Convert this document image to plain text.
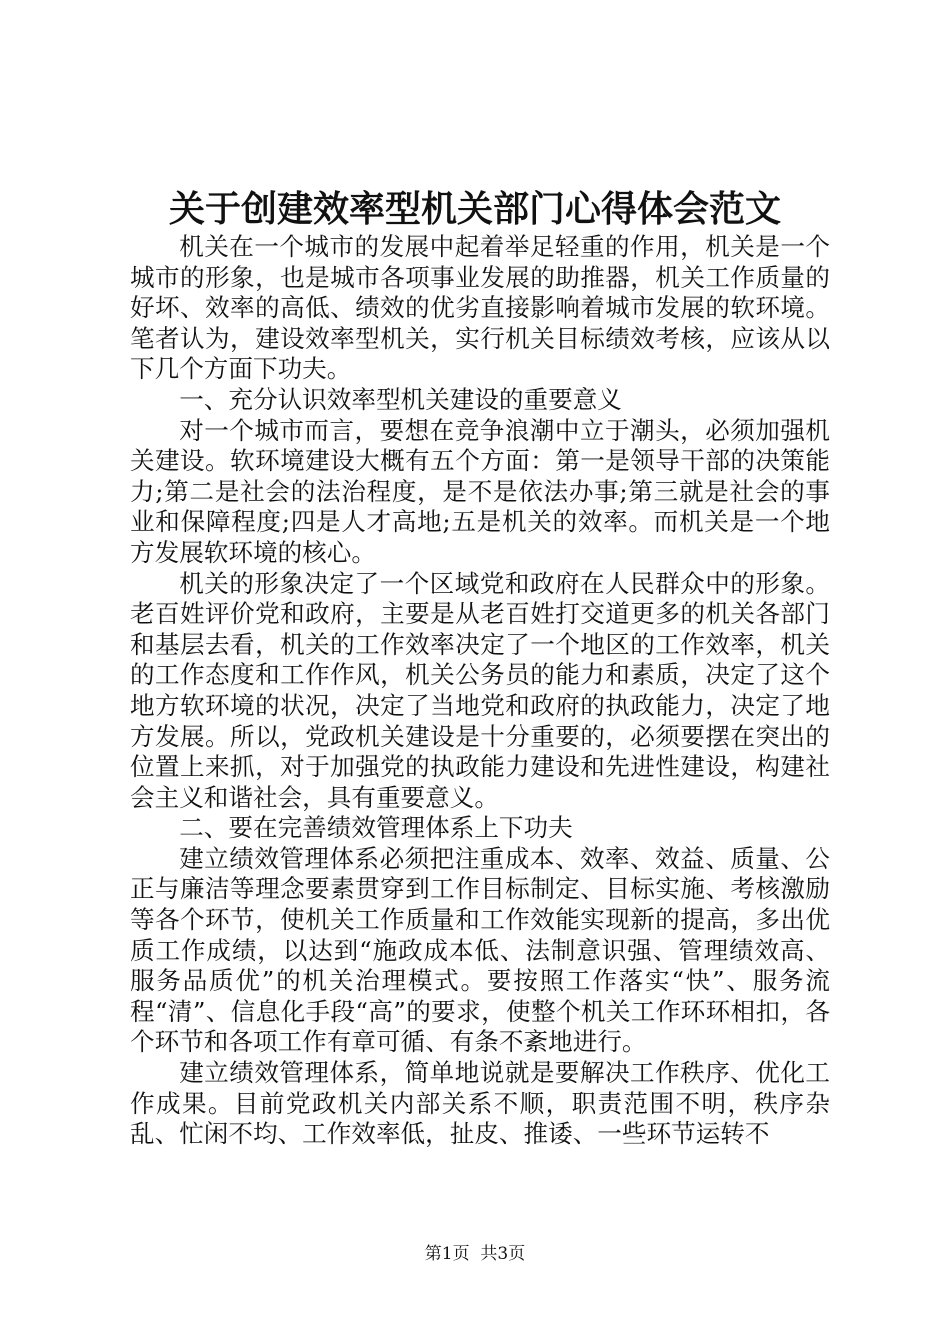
关于创建效率型机关部门心得体会范文

机关在一个城市的发展中起着举足轻重的作用，机关是一个城市的形象，也是城市各项事业发展的助推器，机关工作质量的好坏、效率的高低、绩效的优劣直接影响着城市发展的软环境。笔者认为，建设效率型机关，实行机关目标绩效考核，应该从以下几个方面下功夫。

一、充分认识效率型机关建设的重要意义

对一个城市而言，要想在竞争浪潮中立于潮头，必须加强机关建设。软环境建设大概有五个方面：第一是领导干部的决策能力;第二是社会的法治程度，是不是依法办事;第三就是社会的事业和保障程度;四是人才高地;五是机关的效率。而机关是一个地方发展软环境的核心。

机关的形象决定了一个区域党和政府在人民群众中的形象。老百姓评价党和政府，主要是从老百姓打交道更多的机关各部门和基层去看，机关的工作效率决定了一个地区的工作效率，机关的工作态度和工作作风，机关公务员的能力和素质，决定了这个地方软环境的状况，决定了当地党和政府的执政能力，决定了地方发展。所以，党政机关建设是十分重要的，必须要摆在突出的位置上来抓，对于加强党的执政能力建设和先进性建设，构建社会主义和谐社会，具有重要意义。

二、要在完善绩效管理体系上下功夫

建立绩效管理体系必须把注重成本、效率、效益、质量、公正与廉洁等理念要素贯穿到工作目标制定、目标实施、考核激励等各个环节，使机关工作质量和工作效能实现新的提高，多出优质工作成绩，以达到“施政成本低、法制意识强、管理绩效高、服务品质优”的机关治理模式。要按照工作落实“快”、服务流程“清”、信息化手段“高”的要求，使整个机关工作环环相扣，各个环节和各项工作有章可循、有条不紊地进行。

建立绩效管理体系，简单地说就是要解决工作秩序、优化工作成果。目前党政机关内部关系不顺，职责范围不明，秩序杂乱、忙闲不均、工作效率低，扯皮、推诿、一些环节运转不

第1页  共3页
